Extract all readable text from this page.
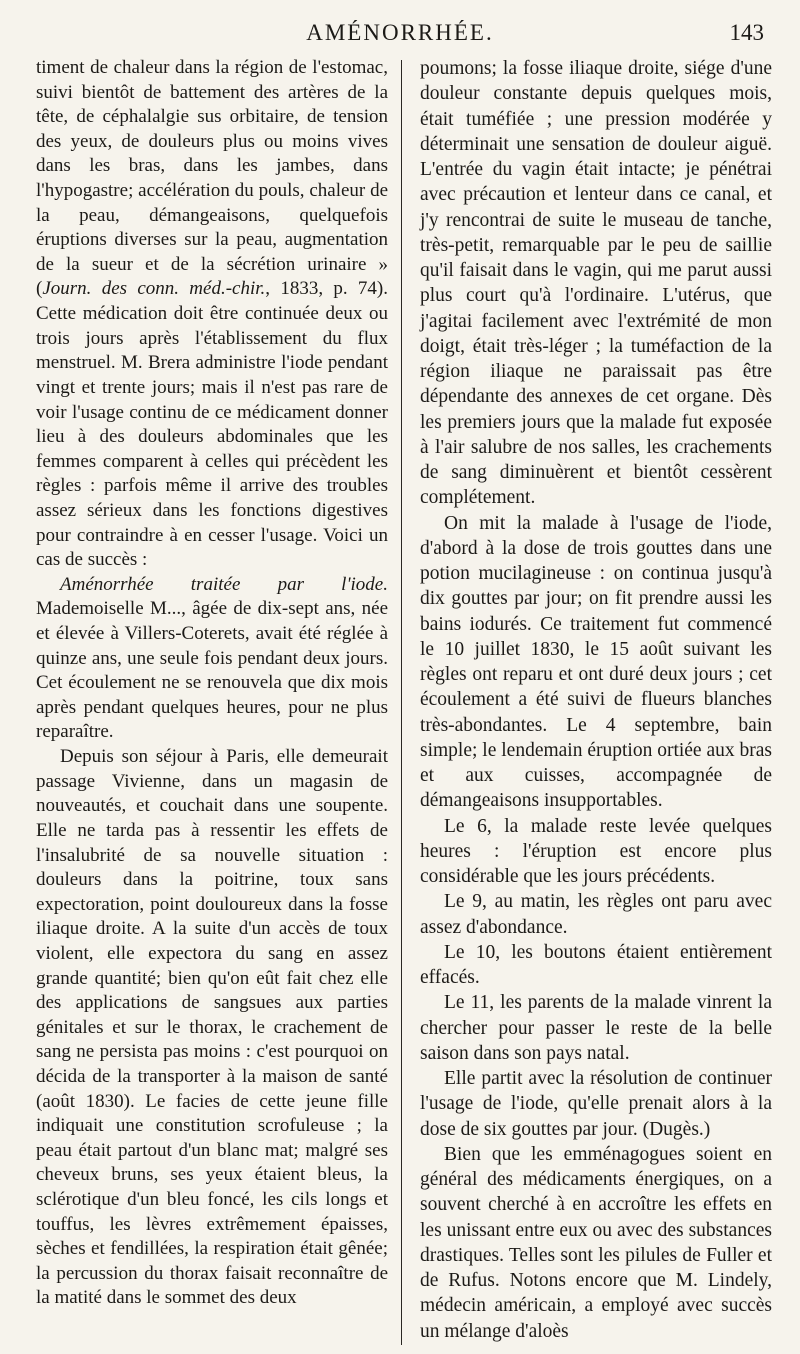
AMÉNORRHÉE.	143

timent de chaleur dans la région de l'estomac, suivi bientôt de battement des artères de la tête, de céphalalgie sus orbitaire, de tension des yeux, de douleurs plus ou moins vives dans les bras, dans les jambes, dans l'hypogastre; accélération du pouls, chaleur de la peau, démangeaisons, quelquefois éruptions diverses sur la peau, augmentation de la sueur et de la sécrétion urinaire » (Journ. des conn. méd.-chir., 1833, p. 74). Cette médication doit être continuée deux ou trois jours après l'établissement du flux menstruel. M. Brera administre l'iode pendant vingt et trente jours; mais il n'est pas rare de voir l'usage continu de ce médicament donner lieu à des douleurs abdominales que les femmes comparent à celles qui précèdent les règles : parfois même il arrive des troubles assez sérieux dans les fonctions digestives pour contraindre à en cesser l'usage. Voici un cas de succès :

Aménorrhée traitée par l'iode. Mademoiselle M..., âgée de dix-sept ans, née et élevée à Villers-Coterets, avait été réglée à quinze ans, une seule fois pendant deux jours. Cet écoulement ne se renouvela que dix mois après pendant quelques heures, pour ne plus reparaître.

Depuis son séjour à Paris, elle demeurait passage Vivienne, dans un magasin de nouveautés, et couchait dans une soupente. Elle ne tarda pas à ressentir les effets de l'insalubrité de sa nouvelle situation : douleurs dans la poitrine, toux sans expectoration, point douloureux dans la fosse iliaque droite. A la suite d'un accès de toux violent, elle expectora du sang en assez grande quantité; bien qu'on eût fait chez elle des applications de sangsues aux parties génitales et sur le thorax, le crachement de sang ne persista pas moins : c'est pourquoi on décida de la transporter à la maison de santé (août 1830). Le facies de cette jeune fille indiquait une constitution scrofuleuse ; la peau était partout d'un blanc mat; malgré ses cheveux bruns, ses yeux étaient bleus, la sclérotique d'un bleu foncé, les cils longs et touffus, les lèvres extrêmement épaisses, sèches et fendillées, la respiration était gênée; la percussion du thorax faisait reconnaître de la matité dans le sommet des deux

poumons; la fosse iliaque droite, siége d'une douleur constante depuis quelques mois, était tuméfiée ; une pression modérée y déterminait une sensation de douleur aiguë. L'entrée du vagin était intacte; je pénétrai avec précaution et lenteur dans ce canal, et j'y rencontrai de suite le museau de tanche, très-petit, remarquable par le peu de saillie qu'il faisait dans le vagin, qui me parut aussi plus court qu'à l'ordinaire. L'utérus, que j'agitai facilement avec l'extrémité de mon doigt, était très-léger ; la tuméfaction de la région iliaque ne paraissait pas être dépendante des annexes de cet organe. Dès les premiers jours que la malade fut exposée à l'air salubre de nos salles, les crachements de sang diminuèrent et bientôt cessèrent complétement.

On mit la malade à l'usage de l'iode, d'abord à la dose de trois gouttes dans une potion mucilagineuse : on continua jusqu'à dix gouttes par jour; on fit prendre aussi les bains iodurés. Ce traitement fut commencé le 10 juillet 1830, le 15 août suivant les règles ont reparu et ont duré deux jours ; cet écoulement a été suivi de flueurs blanches très-abondantes. Le 4 septembre, bain simple; le lendemain éruption ortiée aux bras et aux cuisses, accompagnée de démangeaisons insupportables.

Le 6, la malade reste levée quelques heures : l'éruption est encore plus considérable que les jours précédents.

Le 9, au matin, les règles ont paru avec assez d'abondance.

Le 10, les boutons étaient entièrement effacés.

Le 11, les parents de la malade vinrent la chercher pour passer le reste de la belle saison dans son pays natal.

Elle partit avec la résolution de continuer l'usage de l'iode, qu'elle prenait alors à la dose de six gouttes par jour. (Dugès.)

Bien que les emménagogues soient en général des médicaments énergiques, on a souvent cherché à en accroître les effets en les unissant entre eux ou avec des substances drastiques. Telles sont les pilules de Fuller et de Rufus. Notons encore que M. Lindely, médecin américain, a employé avec succès un mélange d'aloès
